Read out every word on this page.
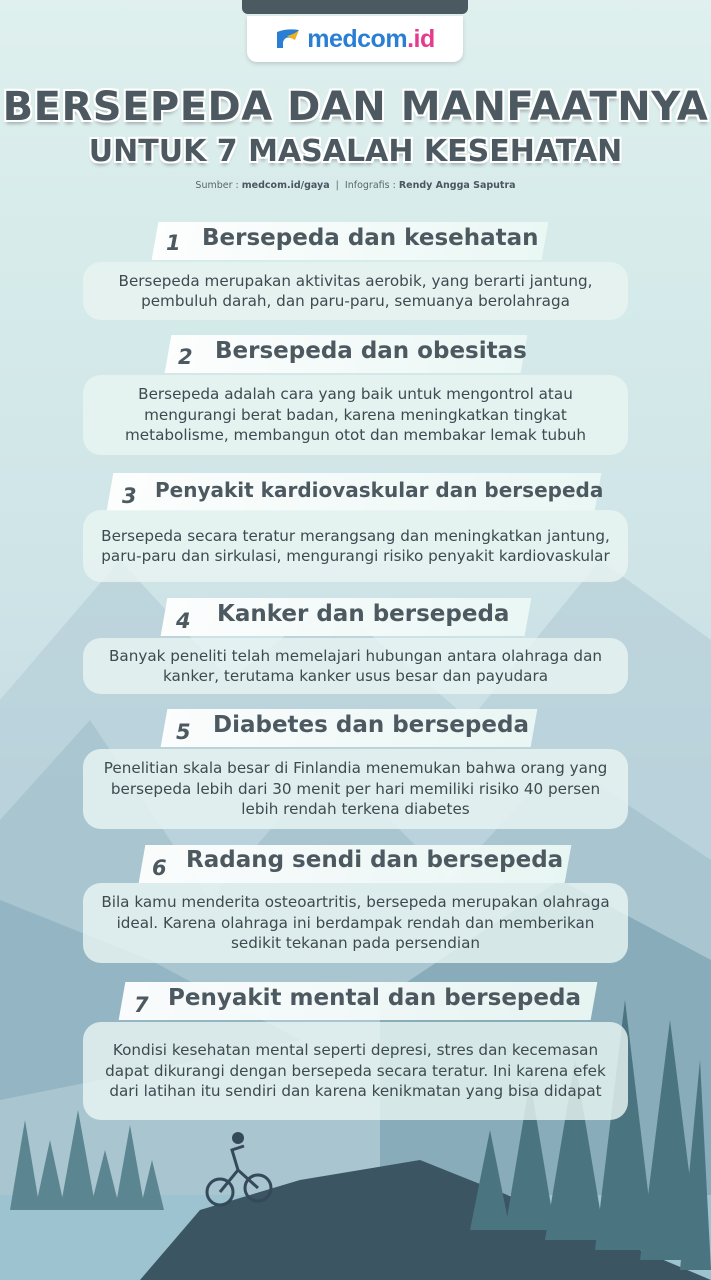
medcom.id
BERSEPEDA DAN MANFAATNYA
UNTUK 7 MASALAH KESEHATAN
Sumber : medcom.id/gaya | Infografis : Rendy Angga Saputra
1 Bersepeda dan kesehatan
Bersepeda merupakan aktivitas aerobik, yang berarti jantung, pembuluh darah, dan paru-paru, semuanya berolahraga
2 Bersepeda dan obesitas
Bersepeda adalah cara yang baik untuk mengontrol atau mengurangi berat badan, karena meningkatkan tingkat metabolisme, membangun otot dan membakar lemak tubuh
3 Penyakit kardiovaskular dan bersepeda
Bersepeda secara teratur merangsang dan meningkatkan jantung, paru-paru dan sirkulasi, mengurangi risiko penyakit kardiovaskular
4 Kanker dan bersepeda
Banyak peneliti telah memelajari hubungan antara olahraga dan kanker, terutama kanker usus besar dan payudara
5 Diabetes dan bersepeda
Penelitian skala besar di Finlandia menemukan bahwa orang yang bersepeda lebih dari 30 menit per hari memiliki risiko 40 persen lebih rendah terkena diabetes
6 Radang sendi dan bersepeda
Bila kamu menderita osteoartritis, bersepeda merupakan olahraga ideal. Karena olahraga ini berdampak rendah dan memberikan sedikit tekanan pada persendian
7 Penyakit mental dan bersepeda
Kondisi kesehatan mental seperti depresi, stres dan kecemasan dapat dikurangi dengan bersepeda secara teratur. Ini karena efek dari latihan itu sendiri dan karena kenikmatan yang bisa didapat
